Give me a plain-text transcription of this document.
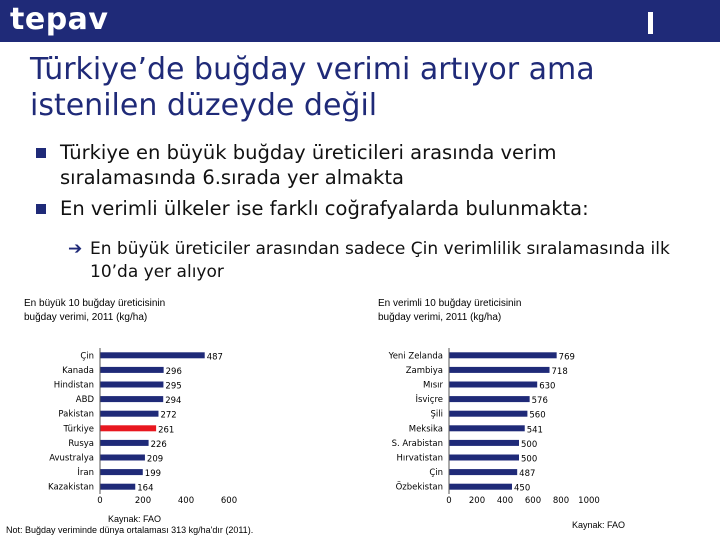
tepav
Türkiye’de buğday verimi artıyor ama
istenilen düzeyde değil
Türkiye en büyük buğday üreticileri arasında verim
sıralamasında 6.sırada yer almakta
En verimli ülkeler ise farklı coğrafyalarda bulunmakta:
➔ En büyük üreticiler arasından sadece Çin verimlilik sıralamasında ilk 10’da yer alıyor
En büyük 10 buğday üreticisinin
buğday verimi, 2011 (kg/ha)
En verimli 10 buğday üreticisinin
buğday verimi, 2011 (kg/ha)
Çin	487
Kanada	296
Hindistan	295
ABD	294
Pakistan	272
Türkiye	261
Rusya	226
Avustralya	209
İran	199
Kazakistan	164
0	200	400	600
Yeni Zelanda	769
Zambiya	718
Mısır	630
İsviçre	576
Şili	560
Meksika	541
S. Arabistan	500
Hırvatistan	500
Çin	487
Özbekistan	450
0 200 400 600 800 1000
Kaynak: FAO
Not: Buğday veriminde dünya ortalaması 313 kg/ha'dır (2011).	Kaynak: FAO
